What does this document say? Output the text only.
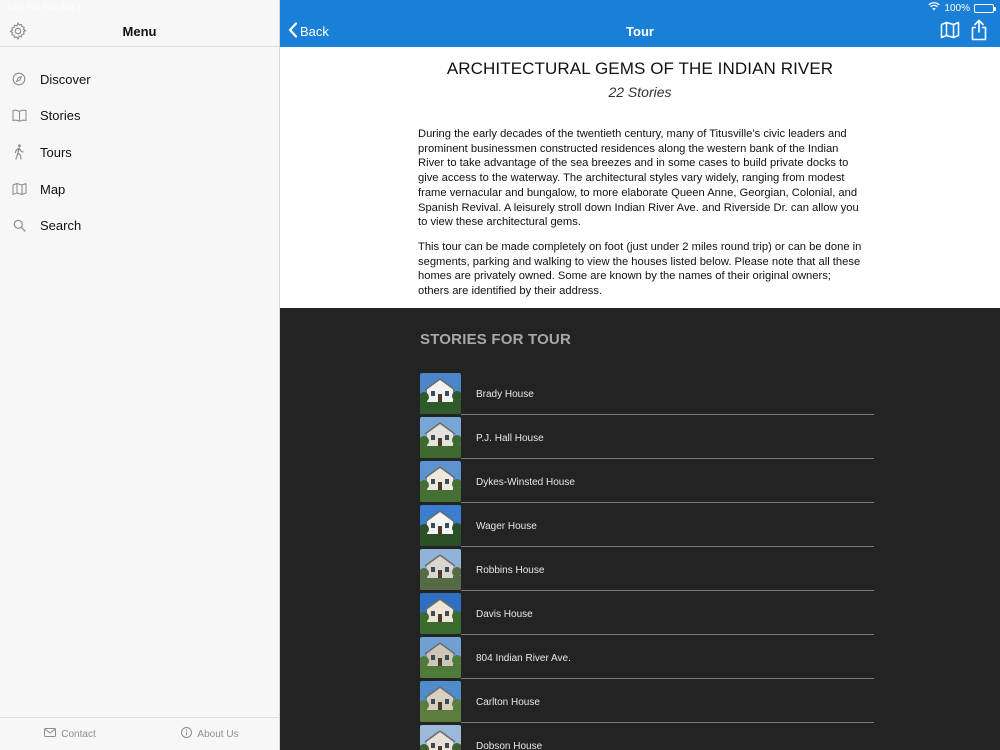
4:30 PM Tue Jun 1	100%
Menu
Discover
Stories
Tours
Map
Search
Contact	About Us
Back	Tour
ARCHITECTURAL GEMS OF THE INDIAN RIVER
22 Stories

During the early decades of the twentieth century, many of Titusville’s civic leaders and prominent businessmen constructed residences along the western bank of the Indian River to take advantage of the sea breezes and in some cases to build private docks to give access to the waterway. The architectural styles vary widely, ranging from modest frame vernacular and bungalow, to more elaborate Queen Anne, Georgian, Colonial, and Spanish Revival. A leisurely stroll down Indian River Ave. and Riverside Dr. can allow you to view these architectural gems.

This tour can be made completely on foot (just under 2 miles round trip) or can be done in segments, parking and walking to view the houses listed below. Please note that all these homes are privately owned. Some are known by the names of their original owners; others are identified by their address.

STORIES FOR TOUR
Brady House
P.J. Hall House
Dykes-Winsted House
Wager House
Robbins House
Davis House
804 Indian River Ave.
Carlton House
Dobson House
